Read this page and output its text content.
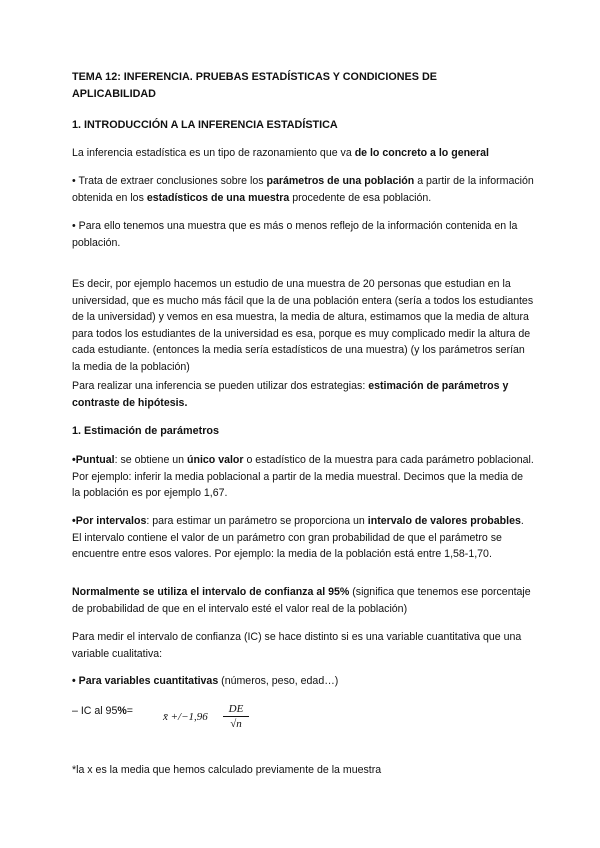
TEMA 12: INFERENCIA. PRUEBAS ESTADÍSTICAS Y CONDICIONES DE
APLICABILIDAD
1. INTRODUCCIÓN A LA INFERENCIA ESTADÍSTICA
La inferencia estadística es un tipo de razonamiento que va de lo concreto a lo general
• Trata de extraer conclusiones sobre los parámetros de una población a partir de la información obtenida en los estadísticos de una muestra procedente de esa población.
• Para ello tenemos una muestra que es más o menos reflejo de la información contenida en la población.
Es decir, por ejemplo hacemos un estudio de una muestra de 20 personas que estudian en la universidad, que es mucho más fácil que la de una población entera (sería a todos los estudiantes de la universidad) y vemos en esa muestra, la media de altura, estimamos que la media de altura para todos los estudiantes de la universidad es esa, porque es muy complicado medir la altura de cada estudiante. (entonces la media sería estadísticos de una muestra) (y los parámetros serían la media de la población)
Para realizar una inferencia se pueden utilizar dos estrategias: estimación de parámetros y contraste de hipótesis.
1. Estimación de parámetros
•Puntual: se obtiene un único valor o estadístico de la muestra para cada parámetro poblacional. Por ejemplo: inferir la media poblacional a partir de la media muestral. Decimos que la media de la población es por ejemplo 1,67.
•Por intervalos: para estimar un parámetro se proporciona un intervalo de valores probables. El intervalo contiene el valor de un parámetro con gran probabilidad de que el parámetro se encuentre entre esos valores. Por ejemplo: la media de la población está entre 1,58-1,70.
Normalmente se utiliza el intervalo de confianza al 95% (significa que tenemos ese porcentaje de probabilidad de que en el intervalo esté el valor real de la población)
Para medir el intervalo de confianza (IC) se hace distinto si es una variable cuantitativa que una variable cualitativa:
• Para variables cuantitativas (números, peso, edad…)
– IC al 95%=	x̄ $+/-1,96 \frac{DE}{√n}$
*la x es la media que hemos calculado previamente de la muestra
